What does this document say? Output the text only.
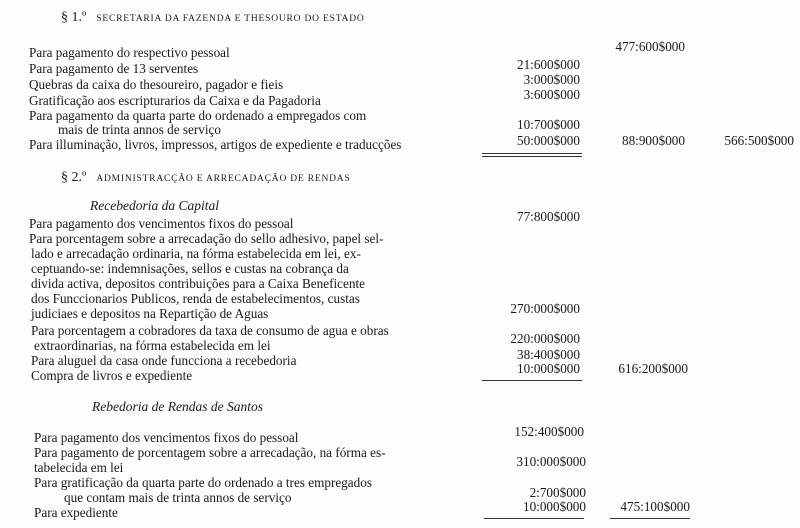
§ 1.º SECRETARIA DA FAZENDA E THESOURO DO ESTADO
Para pagamento do respectivo pessoal	477:600$000
Para pagamento de 13 serventes	21:600$000
Quebras da caixa do thesoureiro, pagador e fieis	3:000$000
Gratificação aos escripturarios da Caixa e da Pagadoria	3:600$000
Para pagamento da quarta parte do ordenado a empregados com
mais de trinta annos de serviço	10:700$000
Para illuminação, livros, impressos, artigos de expediente e traducções	50:000$000	88:900$000	566:500$000
§ 2.º ADMINISTRACÇÃO E ARRECADAÇÃO DE RENDAS
Recebedoria da Capital
Para pagamento dos vencimentos fixos do pessoal	77:800$000
Para porcentagem sobre a arrecadação do sello adhesivo, papel sel-
lado e arrecadação ordinaria, na fórma estabelecida em lei, ex-
ceptuando-se: indemnisações, sellos e custas na cobrança da
divida activa, depositos contribuições para a Caixa Beneficente
dos Funccionarios Publicos, renda de estabelecimentos, custas
judiciaes e depositos na Repartição de Aguas	270:000$000
Para porcentagem a cobradores da taxa de consumo de agua e obras
extraordinarias, na fórma estabelecida em lei	220:000$000
Para aluguel da casa onde funcciona a recebedoria	38:400$000
Compra de livros e expediente	10:000$000	616:200$000
Rebedoria de Rendas de Santos
Para pagamento dos vencimentos fixos do pessoal	152:400$000
Para pagamento de porcentagem sobre a arrecadação, na fórma es-
tabelecida em lei	310:000$000
Para gratificação da quarta parte do ordenado a tres empregados
que contam mais de trinta annos de serviço	2:700$000
Para expediente	10:000$000	475:100$000
